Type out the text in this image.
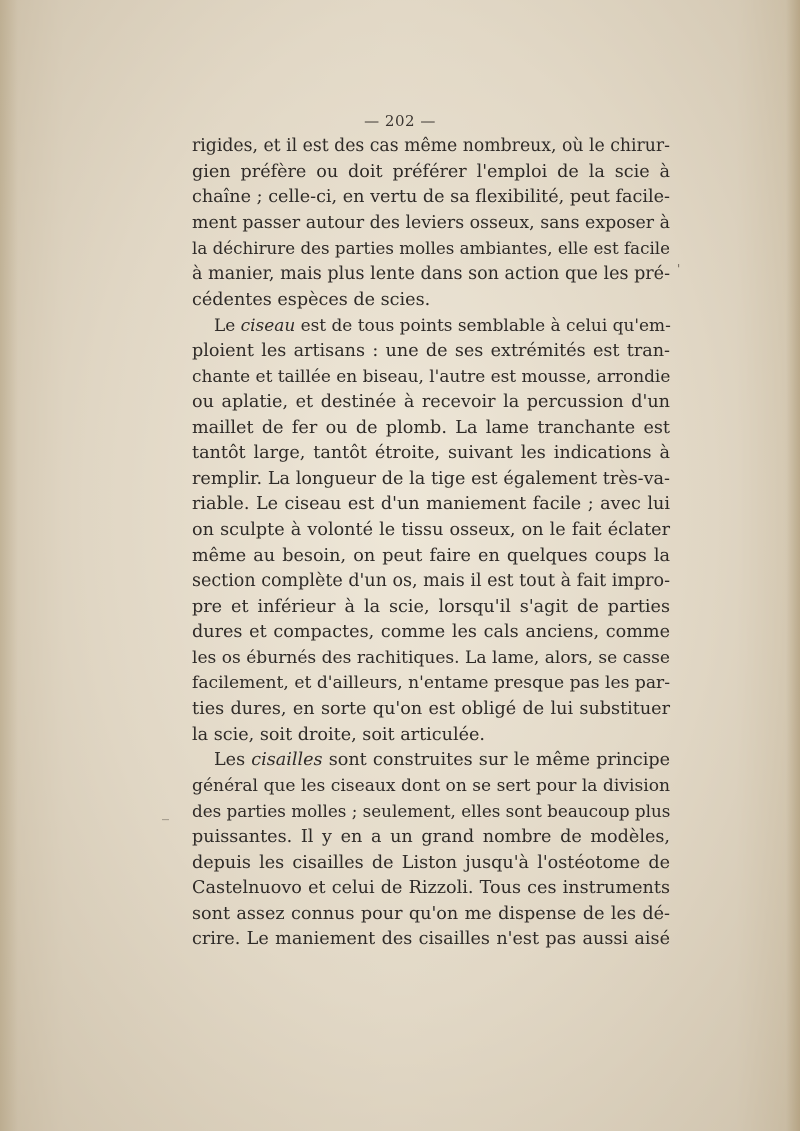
— 202 —
rigides, et il est des cas même nombreux, où le chirur-
gien préfère ou doit préférer l'emploi de la scie à
chaîne ; celle-ci, en vertu de sa flexibilité, peut facile-
ment passer autour des leviers osseux, sans exposer à
la déchirure des parties molles ambiantes, elle est facile
à manier, mais plus lente dans son action que les pré-
cédentes espèces de scies.
Le ciseau est de tous points semblable à celui qu'em-
ploient les artisans : une de ses extrémités est tran-
chante et taillée en biseau, l'autre est mousse, arrondie
ou aplatie, et destinée à recevoir la percussion d'un
maillet de fer ou de plomb. La lame tranchante est
tantôt large, tantôt étroite, suivant les indications à
remplir. La longueur de la tige est également très-va-
riable. Le ciseau est d'un maniement facile ; avec lui
on sculpte à volonté le tissu osseux, on le fait éclater
même au besoin, on peut faire en quelques coups la
section complète d'un os, mais il est tout à fait impro-
pre et inférieur à la scie, lorsqu'il s'agit de parties
dures et compactes, comme les cals anciens, comme
les os éburnés des rachitiques. La lame, alors, se casse
facilement, et d'ailleurs, n'entame presque pas les par-
ties dures, en sorte qu'on est obligé de lui substituer
la scie, soit droite, soit articulée.
Les cisailles sont construites sur le même principe
général que les ciseaux dont on se sert pour la division
des parties molles ; seulement, elles sont beaucoup plus
puissantes. Il y en a un grand nombre de modèles,
depuis les cisailles de Liston jusqu'à l'ostéotome de
Castelnuovo et celui de Rizzoli. Tous ces instruments
sont assez connus pour qu'on me dispense de les dé-
crire. Le maniement des cisailles n'est pas aussi aisé
_
'
